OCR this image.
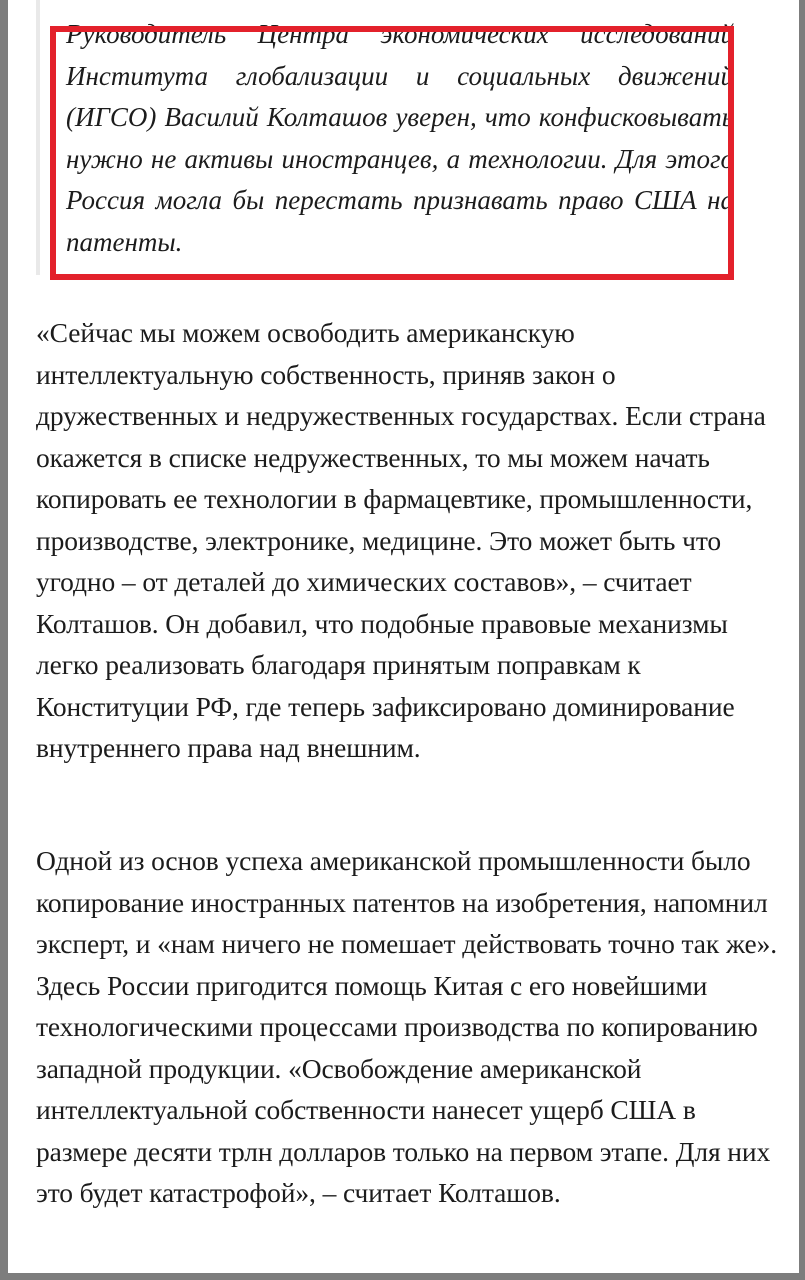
Руководитель Центра экономических исследований Института глобализации и социальных движений (ИГСО) Василий Колташов уверен, что конфисковывать нужно не активы иностранцев, а технологии. Для этого Россия могла бы перестать признавать право США на патенты.

«Сейчас мы можем освободить американскую интеллектуальную собственность, приняв закон о дружественных и недружественных государствах. Если страна окажется в списке недружественных, то мы можем начать копировать ее технологии в фармацевтике, промышленности, производстве, электронике, медицине. Это может быть что угодно – от деталей до химических составов», – считает Колташов. Он добавил, что подобные правовые механизмы легко реализовать благодаря принятым поправкам к Конституции РФ, где теперь зафиксировано доминирование внутреннего права над внешним.

Одной из основ успеха американской промышленности было копирование иностранных патентов на изобретения, напомнил эксперт, и «нам ничего не помешает действовать точно так же». Здесь России пригодится помощь Китая с его новейшими технологическими процессами производства по копированию западной продукции. «Освобождение американской интеллектуальной собственности нанесет ущерб США в размере десяти трлн долларов только на первом этапе. Для них это будет катастрофой», – считает Колташов.
